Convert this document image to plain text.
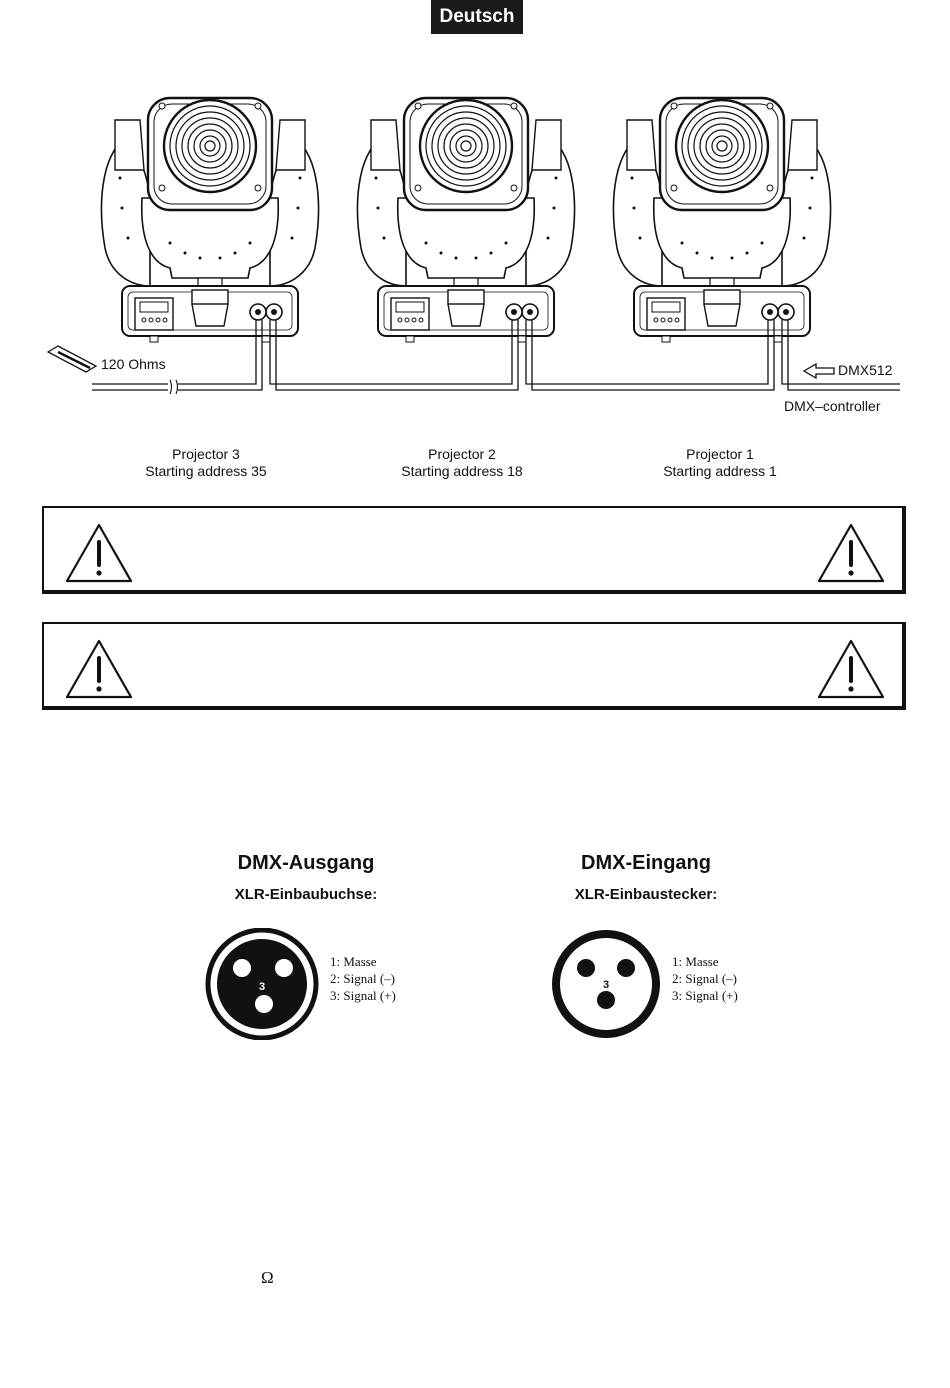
Deutsch
120 Ohms	DMX512
DMX–controller
Projector 3
Starting address 35
Projector 2
Starting address 18
Projector 1
Starting address 1
DMX-Ausgang
XLR-Einbaubuchse:
2	1
3
1: Masse
2: Signal (–)
3: Signal (+)
DMX-Eingang
XLR-Einbaustecker:
1	2
3
1: Masse
2: Signal (–)
3: Signal (+)
Ω
